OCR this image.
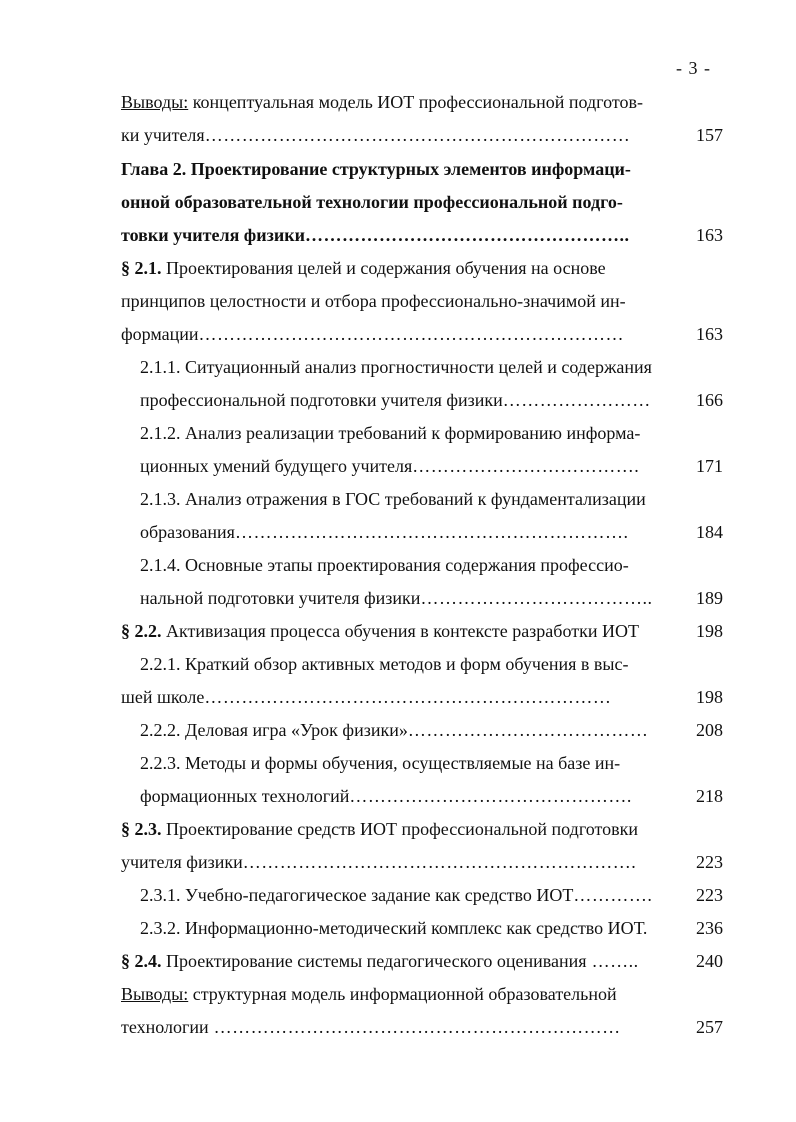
- 3 -
Выводы: концептуальная модель ИОТ профессиональной подготов-
ки учителя……………………………………………………………	157
Глава 2. Проектирование структурных элементов информаци-
онной образовательной технологии профессиональной подго-
товки учителя физики……………………………………………..	163
§ 2.1. Проектирования целей и содержания обучения на основе
принципов целостности и отбора профессионально-значимой ин-
формации……………………………………………………………	163
2.1.1. Ситуационный анализ прогностичности целей и содержания
профессиональной подготовки учителя физики……………………	166
2.1.2. Анализ реализации требований к формированию информа-
ционных умений будущего учителя……………………………….	171
2.1.3. Анализ отражения в ГОС требований к фундаментализации
образования……………………………………………………….	184
2.1.4. Основные этапы проектирования содержания профессио-
нальной подготовки учителя физики………………………………..	189
§ 2.2. Активизация процесса обучения в контексте разработки ИОТ	198
2.2.1. Краткий обзор активных методов и форм обучения в выс-
шей школе…………………………………………………………	198
2.2.2. Деловая игра «Урок физики»…………………………………	208
2.2.3. Методы и формы обучения, осуществляемые на базе ин-
формационных технологий……………………………………….	218
§ 2.3. Проектирование средств ИОТ профессиональной подготовки
учителя физики……………………………………………………….	223
2.3.1. Учебно-педагогическое задание как средство ИОТ………….	223
2.3.2. Информационно-методический комплекс как средство ИОТ.	236
§ 2.4. Проектирование системы педагогического оценивания ……..	240
Выводы: структурная модель информационной образовательной
технологии …………………………………………………………	257
